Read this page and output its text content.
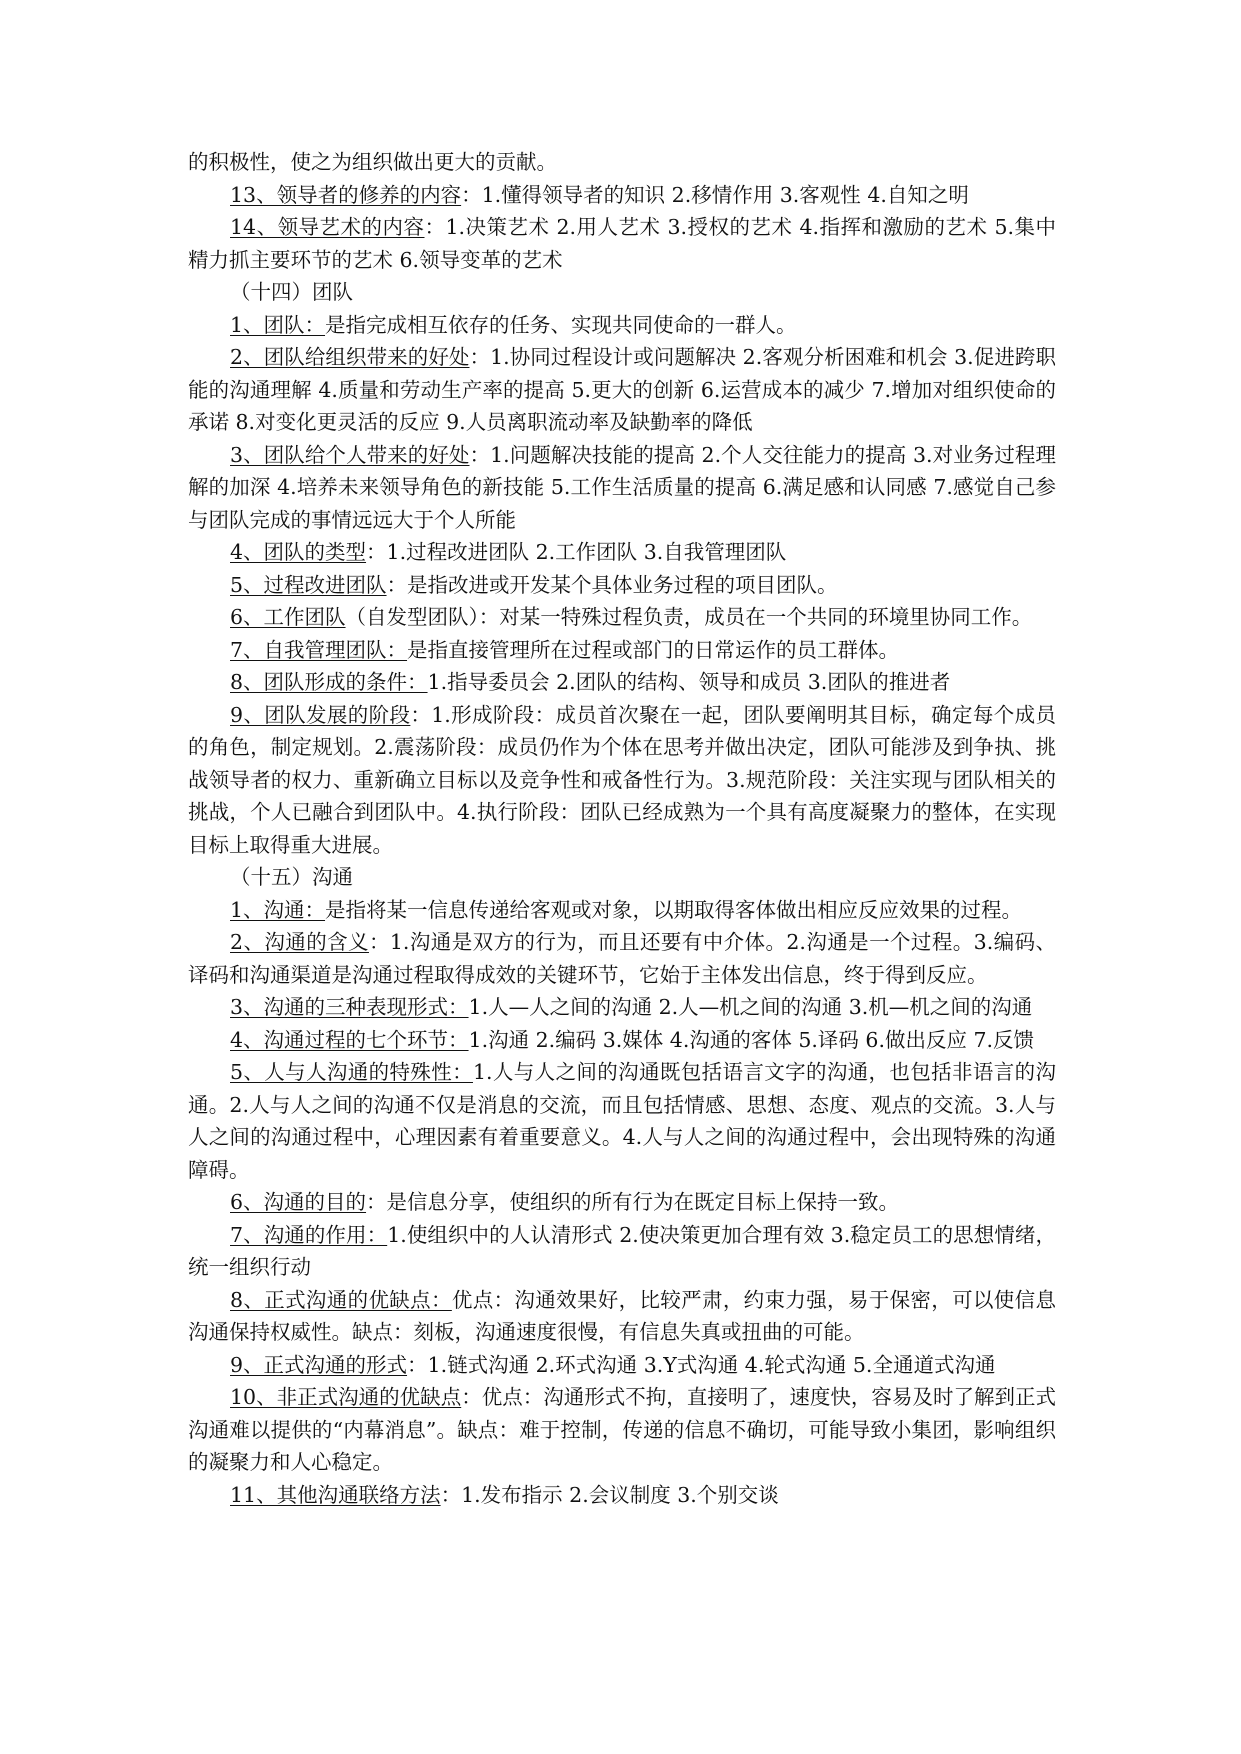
的积极性，使之为组织做出更大的贡献。

13、领导者的修养的内容：1.懂得领导者的知识 2.移情作用 3.客观性 4.自知之明

14、领导艺术的内容：1.决策艺术 2.用人艺术 3.授权的艺术 4.指挥和激励的艺术 5.集中精力抓主要环节的艺术 6.领导变革的艺术

（十四）团队

1、团队：是指完成相互依存的任务、实现共同使命的一群人。

2、团队给组织带来的好处：1.协同过程设计或问题解决 2.客观分析困难和机会 3.促进跨职能的沟通理解 4.质量和劳动生产率的提高 5.更大的创新 6.运营成本的减少 7.增加对组织使命的承诺 8.对变化更灵活的反应 9.人员离职流动率及缺勤率的降低

3、团队给个人带来的好处：1.问题解决技能的提高 2.个人交往能力的提高 3.对业务过程理解的加深 4.培养未来领导角色的新技能 5.工作生活质量的提高 6.满足感和认同感 7.感觉自己参与团队完成的事情远远大于个人所能

4、团队的类型：1.过程改进团队 2.工作团队 3.自我管理团队

5、过程改进团队：是指改进或开发某个具体业务过程的项目团队。

6、工作团队（自发型团队）：对某一特殊过程负责，成员在一个共同的环境里协同工作。

7、自我管理团队：是指直接管理所在过程或部门的日常运作的员工群体。

8、团队形成的条件：1.指导委员会 2.团队的结构、领导和成员 3.团队的推进者

9、团队发展的阶段：1.形成阶段：成员首次聚在一起，团队要阐明其目标，确定每个成员的角色，制定规划。2.震荡阶段：成员仍作为个体在思考并做出决定，团队可能涉及到争执、挑战领导者的权力、重新确立目标以及竞争性和戒备性行为。3.规范阶段：关注实现与团队相关的挑战，个人已融合到团队中。4.执行阶段：团队已经成熟为一个具有高度凝聚力的整体，在实现目标上取得重大进展。

（十五）沟通

1、沟通：是指将某一信息传递给客观或对象，以期取得客体做出相应反应效果的过程。

2、沟通的含义：1.沟通是双方的行为，而且还要有中介体。2.沟通是一个过程。3.编码、译码和沟通渠道是沟通过程取得成效的关键环节，它始于主体发出信息，终于得到反应。

3、沟通的三种表现形式：1.人—人之间的沟通 2.人—机之间的沟通 3.机—机之间的沟通

4、沟通过程的七个环节：1.沟通 2.编码 3.媒体 4.沟通的客体 5.译码 6.做出反应 7.反馈

5、人与人沟通的特殊性：1.人与人之间的沟通既包括语言文字的沟通，也包括非语言的沟通。2.人与人之间的沟通不仅是消息的交流，而且包括情感、思想、态度、观点的交流。3.人与人之间的沟通过程中，心理因素有着重要意义。4.人与人之间的沟通过程中，会出现特殊的沟通障碍。

6、沟通的目的：是信息分享，使组织的所有行为在既定目标上保持一致。

7、沟通的作用：1.使组织中的人认清形式 2.使决策更加合理有效 3.稳定员工的思想情绪，统一组织行动

8、正式沟通的优缺点：优点：沟通效果好，比较严肃，约束力强，易于保密，可以使信息沟通保持权威性。缺点：刻板，沟通速度很慢，有信息失真或扭曲的可能。

9、正式沟通的形式：1.链式沟通 2.环式沟通 3.Y式沟通 4.轮式沟通 5.全通道式沟通

10、非正式沟通的优缺点：优点：沟通形式不拘，直接明了，速度快，容易及时了解到正式沟通难以提供的“内幕消息”。缺点：难于控制，传递的信息不确切，可能导致小集团，影响组织的凝聚力和人心稳定。

11、其他沟通联络方法：1.发布指示 2.会议制度 3.个别交谈
